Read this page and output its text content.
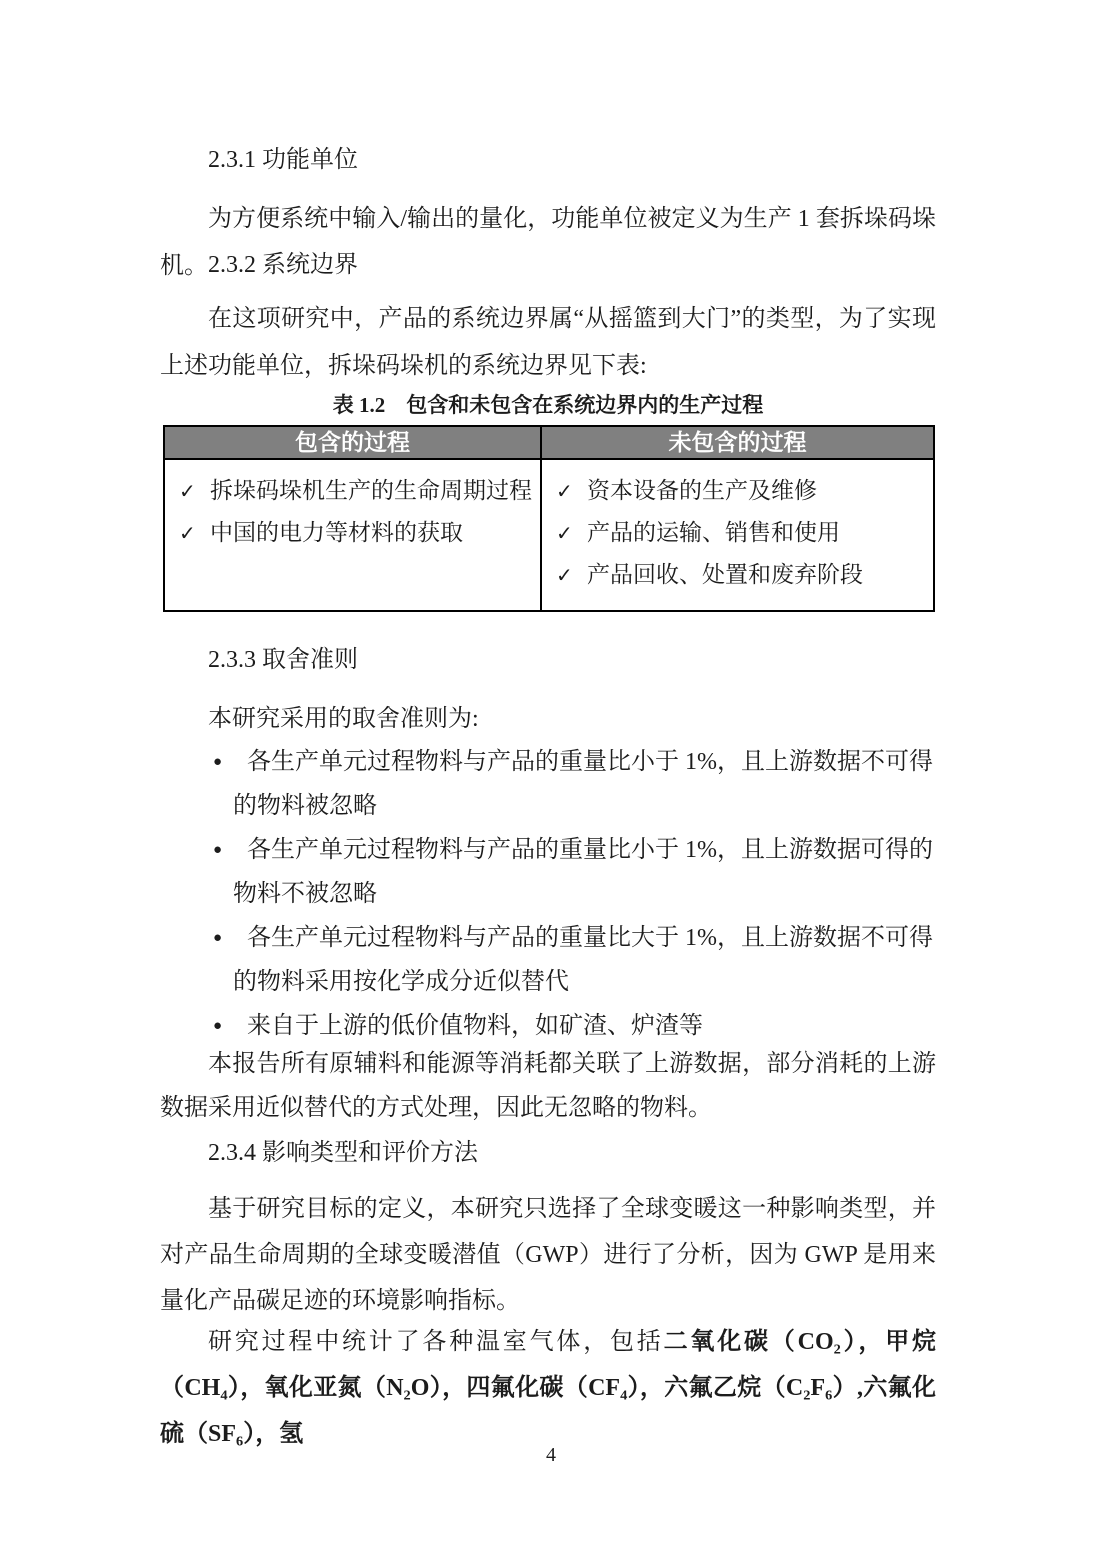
2.3.1 功能单位
为方便系统中输入/输出的量化，功能单位被定义为生产 1 套拆垛码垛机。 2.3.2 系统边界
在这项研究中，产品的系统边界属“从摇篮到大门”的类型，为了实现上述功能单位，拆垛码垛机的系统边界见下表:
表 1.2　包含和未包含在系统边界内的生产过程
包含的过程	未包含的过程
✓ 拆垛码垛机生产的生命周期过程
✓ 中国的电力等材料的获取
✓ 资本设备的生产及维修
✓ 产品的运输、销售和使用
✓ 产品回收、处置和废弃阶段
2.3.3 取舍准则
本研究采用的取舍准则为:
● 各生产单元过程物料与产品的重量比小于 1%，且上游数据不可得的物料被忽略
● 各生产单元过程物料与产品的重量比小于 1%，且上游数据可得的物料不被忽略
● 各生产单元过程物料与产品的重量比大于 1%，且上游数据不可得的物料采用按化学成分近似替代
● 来自于上游的低价值物料，如矿渣、炉渣等
本报告所有原辅料和能源等消耗都关联了上游数据，部分消耗的上游数据采用近似替代的方式处理，因此无忽略的物料。
2.3.4 影响类型和评价方法
基于研究目标的定义，本研究只选择了全球变暖这一种影响类型，并对产品生命周期的全球变暖潜值（GWP）进行了分析，因为 GWP 是用来量化产品碳足迹的环境影响指标。
研究过程中统计了各种温室气体，包括二氧化碳（CO₂），甲烷（CH₄），氧化亚氮（N₂O），四氟化碳（CF₄），六氟乙烷（C₂F₆）,六氟化硫（SF₆），氢
4
